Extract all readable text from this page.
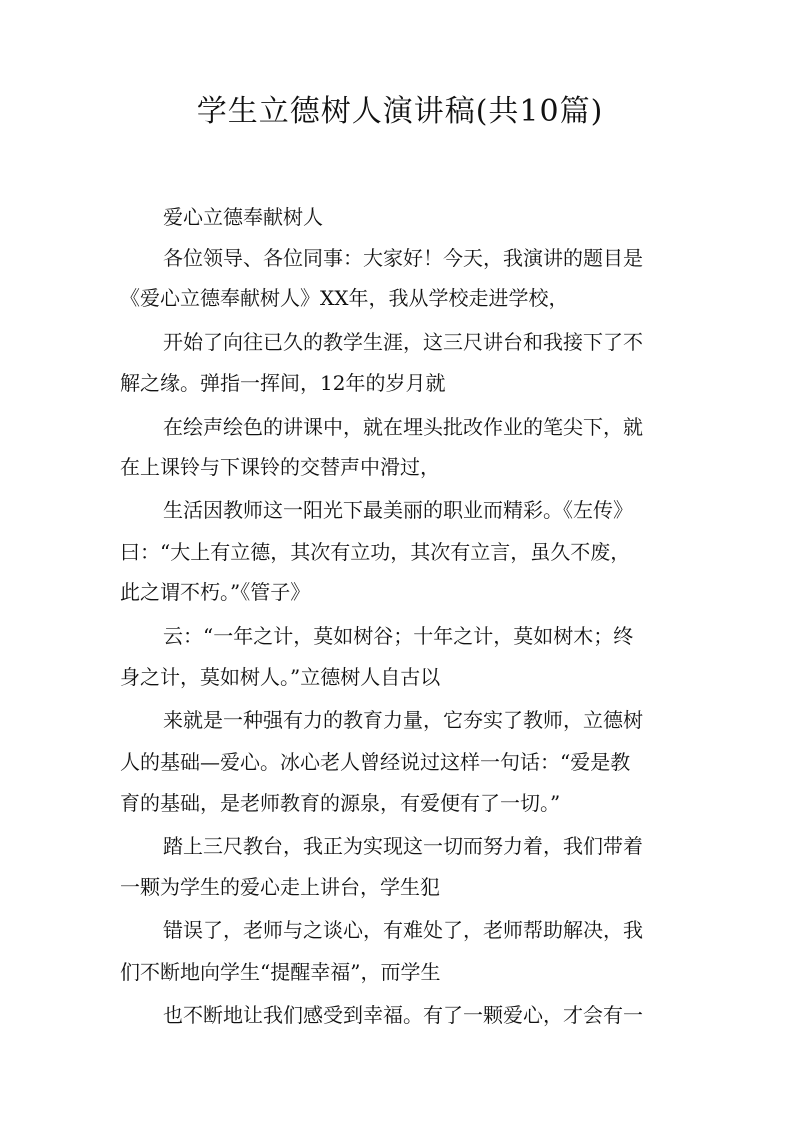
学生立德树人演讲稿(共10篇)
爱心立德奉献树人
各位领导、各位同事：大家好！今天，我演讲的题目是
《爱心立德奉献树人》XX年，我从学校走进学校，
开始了向往已久的教学生涯，这三尺讲台和我接下了不
解之缘。弹指一挥间，12年的岁月就
在绘声绘色的讲课中，就在埋头批改作业的笔尖下，就
在上课铃与下课铃的交替声中滑过，
生活因教师这一阳光下最美丽的职业而精彩。《左传》
曰：“大上有立德，其次有立功，其次有立言，虽久不废，
此之谓不朽。”《管子》
云：“一年之计，莫如树谷；十年之计，莫如树木；终
身之计，莫如树人。”立德树人自古以
来就是一种强有力的教育力量，它夯实了教师，立德树
人的基础—爱心。冰心老人曾经说过这样一句话：“爱是教
育的基础，是老师教育的源泉，有爱便有了一切。”
踏上三尺教台，我正为实现这一切而努力着，我们带着
一颗为学生的爱心走上讲台，学生犯
错误了，老师与之谈心，有难处了，老师帮助解决，我
们不断地向学生“提醒幸福”，而学生
也不断地让我们感受到幸福。有了一颗爱心，才会有一
